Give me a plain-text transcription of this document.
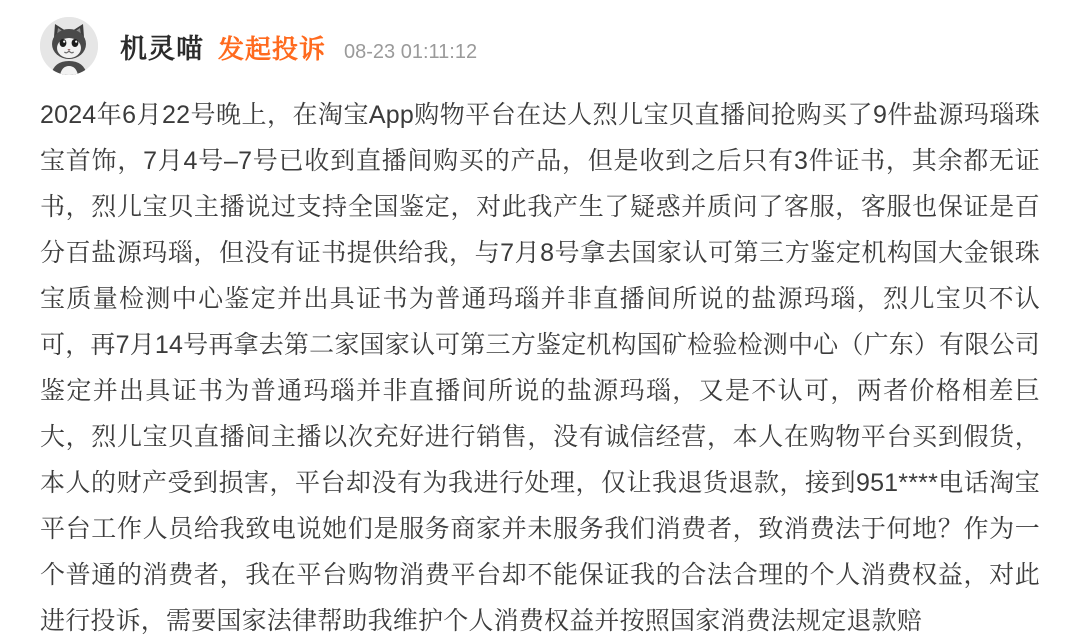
机灵喵 发起投诉 08-23 01:11:12

2024年6月22号晚上，在淘宝App购物平台在达人烈儿宝贝直播间抢购买了9件盐源玛瑙珠宝首饰，7月4号–7号已收到直播间购买的产品，但是收到之后只有3件证书，其余都无证书，烈儿宝贝主播说过支持全国鉴定，对此我产生了疑惑并质问了客服，客服也保证是百分百盐源玛瑙，但没有证书提供给我，与7月8号拿去国家认可第三方鉴定机构国大金银珠宝质量检测中心鉴定并出具证书为普通玛瑙并非直播间所说的盐源玛瑙，烈儿宝贝不认可，再7月14号再拿去第二家国家认可第三方鉴定机构国矿检验检测中心（广东）有限公司鉴定并出具证书为普通玛瑙并非直播间所说的盐源玛瑙，又是不认可，两者价格相差巨大，烈儿宝贝直播间主播以次充好进行销售，没有诚信经营，本人在购物平台买到假货，本人的财产受到损害，平台却没有为我进行处理，仅让我退货退款，接到951****电话淘宝平台工作人员给我致电说她们是服务商家并未服务我们消费者，致消费法于何地？作为一个普通的消费者，我在平台购物消费平台却不能保证我的合法合理的个人消费权益，对此进行投诉，需要国家法律帮助我维护个人消费权益并按照国家消费法规定退款赔
